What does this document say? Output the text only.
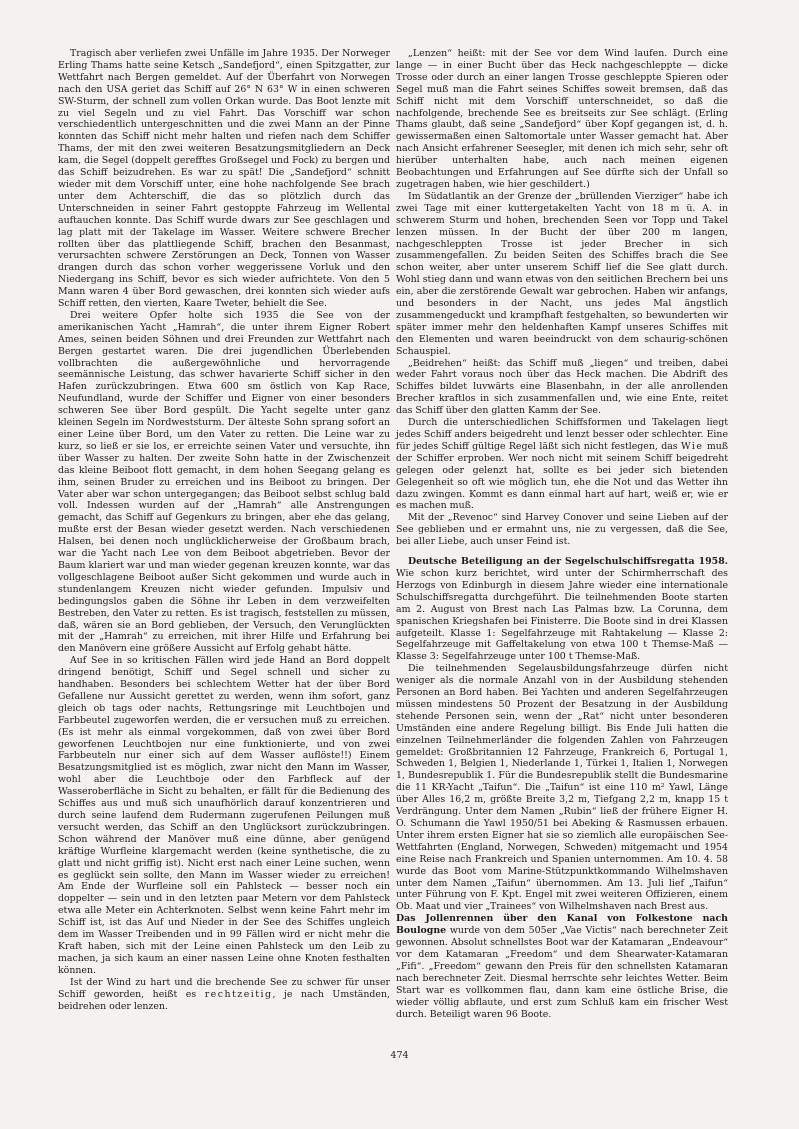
Tragisch aber verliefen zwei Unfälle im Jahre 1935. Der Norweger Erling Thams hatte seine Ketsch „Sandefjord“, einen Spitzgatter, zur Wettfahrt nach Bergen gemeldet. Auf der Überfahrt von Norwegen nach den USA geriet das Schiff auf 26° N 63° W in einen schweren SW-Sturm, der schnell zum vollen Orkan wurde. Das Boot lenzte mit zu viel Segeln und zu viel Fahrt. Das Vorschiff war schon verschiedentlich untergeschnitten und die zwei Mann an der Pinne konnten das Schiff nicht mehr halten und riefen nach dem Schiffer Thams, der mit den zwei weiteren Besatzungsmitgliedern an Deck kam, die Segel (doppelt gerefftes Großsegel und Fock) zu bergen und das Schiff beizudrehen. Es war zu spät! Die „Sandefjord“ schnitt wieder mit dem Vorschiff unter, eine hohe nachfolgende See brach unter dem Achterschiff, die das so plötzlich durch das Unterschneiden in seiner Fahrt gestoppte Fahrzeug im Wellental auftauchen konnte. Das Schiff wurde dwars zur See geschlagen und lag platt mit der Takelage im Wasser. Weitere schwere Brecher rollten über das plattliegende Schiff, brachen den Besanmast, verursachten schwere Zerstörungen an Deck, Tonnen von Wasser drangen durch das schon vorher weggerissene Vorluk und den Niedergang ins Schiff, bevor es sich wieder aufrichtete. Von den 5 Mann waren 4 über Bord gewaschen, drei konnten sich wieder aufs Schiff retten, den vierten, Kaare Tweter, behielt die See.

Drei weitere Opfer holte sich 1935 die See von der amerikanischen Yacht „Hamrah“, die unter ihrem Eigner Robert Ames, seinen beiden Söhnen und drei Freunden zur Wettfahrt nach Bergen gestartet waren. Die drei jugendlichen Überlebenden vollbrachten die außergewöhnliche und hervorragende seemännische Leistung, das schwer havarierte Schiff sicher in den Hafen zurückzubringen. Etwa 600 sm östlich von Kap Race, Neufundland, wurde der Schiffer und Eigner von einer besonders schweren See über Bord gespült. Die Yacht segelte unter ganz kleinen Segeln im Nordweststurm. Der älteste Sohn sprang sofort an einer Leine über Bord, um den Vater zu retten. Die Leine war zu kurz, so ließ er sie los, er erreichte seinen Vater und versuchte, ihn über Wasser zu halten. Der zweite Sohn hatte in der Zwischenzeit das kleine Beiboot flott gemacht, in dem hohen Seegang gelang es ihm, seinen Bruder zu erreichen und ins Beiboot zu bringen. Der Vater aber war schon untergegangen; das Beiboot selbst schlug bald voll. Indessen wurden auf der „Hamrah“ alle Anstrengungen gemacht, das Schiff auf Gegenkurs zu bringen, aber ehe das gelang, mußte erst der Besan wieder gesetzt werden. Nach verschiedenen Halsen, bei denen noch unglücklicherweise der Großbaum brach, war die Yacht nach Lee von dem Beiboot abgetrieben. Bevor der Baum klariert war und man wieder gegenan kreuzen konnte, war das vollgeschlagene Beiboot außer Sicht gekommen und wurde auch in stundenlangem Kreuzen nicht wieder gefunden. Impulsiv und bedingungslos gaben die Söhne ihr Leben in dem verzweifelten Bestreben, den Vater zu retten. Es ist tragisch, feststellen zu müssen, daß, wären sie an Bord geblieben, der Versuch, den Verunglückten mit der „Hamrah“ zu erreichen, mit ihrer Hilfe und Erfahrung bei den Manövern eine größere Aussicht auf Erfolg gehabt hätte.

Auf See in so kritischen Fällen wird jede Hand an Bord doppelt dringend benötigt, Schiff und Segel schnell und sicher zu handhaben. Besonders bei schlechtem Wetter hat der über Bord Gefallene nur Aussicht gerettet zu werden, wenn ihm sofort, ganz gleich ob tags oder nachts, Rettungsringe mit Leuchtbojen und Farbbeutel zugeworfen werden, die er versuchen muß zu erreichen. (Es ist mehr als einmal vorgekommen, daß von zwei über Bord geworfenen Leuchtbojen nur eine funktionierte, und von zwei Farbbeuteln nur einer sich auf dem Wasser auflöste!!) Einem Besatzungsmitglied ist es möglich, zwar nicht den Mann im Wasser, wohl aber die Leuchtboje oder den Farbfleck auf der Wasseroberfläche in Sicht zu behalten, er fällt für die Bedienung des Schiffes aus und muß sich unaufhörlich darauf konzentrieren und durch seine laufend dem Rudermann zugerufenen Peilungen muß versucht werden, das Schiff an den Unglücksort zurückzubringen. Schon während der Manöver muß eine dünne, aber genügend kräftige Wurfleine klargemacht werden (keine synthetische, die zu glatt und nicht griffig ist). Nicht erst nach einer Leine suchen, wenn es geglückt sein sollte, den Mann im Wasser wieder zu erreichen! Am Ende der Wurfleine soll ein Pahlsteck — besser noch ein doppelter — sein und in den letzten paar Metern vor dem Pahlsteck etwa alle Meter ein Achterknoten. Selbst wenn keine Fahrt mehr im Schiff ist, ist das Auf und Nieder in der See des Schiffes ungleich dem im Wasser Treibenden und in 99 Fällen wird er nicht mehr die Kraft haben, sich mit der Leine einen Pahlsteck um den Leib zu machen, ja sich kaum an einer nassen Leine ohne Knoten festhalten können.

Ist der Wind zu hart und die brechende See zu schwer für unser Schiff geworden, heißt es rechtzeitig, je nach Umständen, beidrehen oder lenzen.

„Lenzen“ heißt: mit der See vor dem Wind laufen. Durch eine lange — in einer Bucht über das Heck nachgeschleppte — dicke Trosse oder durch an einer langen Trosse geschleppte Spieren oder Segel muß man die Fahrt seines Schiffes soweit bremsen, daß das Schiff nicht mit dem Vorschiff unterschneidet, so daß die nachfolgende, brechende See es breitseits zur See schlägt. (Erling Thams glaubt, daß seine „Sandefjord“ über Kopf gegangen ist, d. h. gewissermaßen einen Saltomortale unter Wasser gemacht hat. Aber nach Ansicht erfahrener Seesegler, mit denen ich mich sehr, sehr oft hierüber unterhalten habe, auch nach meinen eigenen Beobachtungen und Erfahrungen auf See dürfte sich der Unfall so zugetragen haben, wie hier geschildert.)

Im Südatlantik an der Grenze der „brüllenden Vierziger“ habe ich zwei Tage mit einer kuttergetakelten Yacht von 18 m ü. A. in schwerem Sturm und hohen, brechenden Seen vor Topp und Takel lenzen müssen. In der Bucht der über 200 m langen, nachgeschleppten Trosse ist jeder Brecher in sich zusammengefallen. Zu beiden Seiten des Schiffes brach die See schon weiter, aber unter unserem Schiff lief die See glatt durch. Wohl stieg dann und wann etwas von den seitlichen Brechern bei uns ein, aber die zerstörende Gewalt war gebrochen. Haben wir anfangs, und besonders in der Nacht, uns jedes Mal ängstlich zusammengeduckt und krampfhaft festgehalten, so bewunderten wir später immer mehr den heldenhaften Kampf unseres Schiffes mit den Elementen und waren beeindruckt von dem schaurig-schönen Schauspiel.

„Beidrehen“ heißt: das Schiff muß „liegen“ und treiben, dabei weder Fahrt voraus noch über das Heck machen. Die Abdrift des Schiffes bildet luvwärts eine Blasenbahn, in der alle anrollenden Brecher kraftlos in sich zusammenfallen und, wie eine Ente, reitet das Schiff über den glatten Kamm der See.

Durch die unterschiedlichen Schiffsformen und Takelagen liegt jedes Schiff anders beigedreht und lenzt besser oder schlechter. Eine für jedes Schiff gültige Regel läßt sich nicht festlegen, das Wie muß der Schiffer erproben. Wer noch nicht mit seinem Schiff beigedreht gelegen oder gelenzt hat, sollte es bei jeder sich bietenden Gelegenheit so oft wie möglich tun, ehe die Not und das Wetter ihn dazu zwingen. Kommt es dann einmal hart auf hart, weiß er, wie er es machen muß.

Mit der „Revenoc“ sind Harvey Conover und seine Lieben auf der See geblieben und er ermahnt uns, nie zu vergessen, daß die See, bei aller Liebe, auch unser Feind ist.

Deutsche Beteiligung an der Segelschulschiffsregatta 1958. Wie schon kurz berichtet, wird unter der Schirmherrschaft des Herzogs von Edinburgh in diesem Jahre wieder eine internationale Schulschiffsregatta durchgeführt. Die teilnehmenden Boote starten am 2. August von Brest nach Las Palmas bzw. La Corunna, dem spanischen Kriegshafen bei Finisterre. Die Boote sind in drei Klassen aufgeteilt. Klasse 1: Segelfahrzeuge mit Rahtakelung — Klasse 2: Segelfahrzeuge mit Gaffeltakelung von etwa 100 t Themse-Maß — Klasse 3: Segelfahrzeuge unter 100 t Themse-Maß.

Die teilnehmenden Segelausbildungsfahrzeuge dürfen nicht weniger als die normale Anzahl von in der Ausbildung stehenden Personen an Bord haben. Bei Yachten und anderen Segelfahrzeugen müssen mindestens 50 Prozent der Besatzung in der Ausbildung stehende Personen sein, wenn der „Rat“ nicht unter besonderen Umständen eine andere Regelung billigt. Bis Ende Juli hatten die einzelnen Teilnehmerländer die folgenden Zahlen von Fahrzeugen gemeldet: Großbritannien 12 Fahrzeuge, Frankreich 6, Portugal 1, Schweden 1, Belgien 1, Niederlande 1, Türkei 1, Italien 1, Norwegen 1, Bundesrepublik 1. Für die Bundesrepublik stellt die Bundesmarine die 11 KR-Yacht „Taifun“. Die „Taifun“ ist eine 110 m² Yawl, Länge über Alles 16,2 m, größte Breite 3,2 m, Tiefgang 2,2 m, knapp 15 t Verdrängung. Unter dem Namen „Rubin“ ließ der frühere Eigner H. O. Schumann die Yawl 1950/51 bei Abeking & Rasmussen erbauen. Unter ihrem ersten Eigner hat sie so ziemlich alle europäischen See-Wettfahrten (England, Norwegen, Schweden) mitgemacht und 1954 eine Reise nach Frankreich und Spanien unternommen. Am 10. 4. 58 wurde das Boot vom Marine-Stützpunktkommando Wilhelmshaven unter dem Namen „Taifun“ übernommen. Am 13. Juli lief „Taifun“ unter Führung von F. Kpt. Engel mit zwei weiteren Offizieren, einem Ob. Maat und vier „Trainees“ von Wilhelmshaven nach Brest aus.

Das Jollenrennen über den Kanal von Folkestone nach Boulogne wurde von dem 505er „Vae Victis“ nach berechneter Zeit gewonnen. Absolut schnellstes Boot war der Katamaran „Endeavour“ vor dem Katamaran „Freedom“ und dem Shearwater-Katamaran „Fifi“. „Freedom“ gewann den Preis für den schnellsten Katamaran nach berechneter Zeit. Diesmal herrschte sehr leichtes Wetter. Beim Start war es vollkommen flau, dann kam eine östliche Brise, die wieder völlig abflaute, und erst zum Schluß kam ein frischer West durch. Beteiligt waren 96 Boote.

474
